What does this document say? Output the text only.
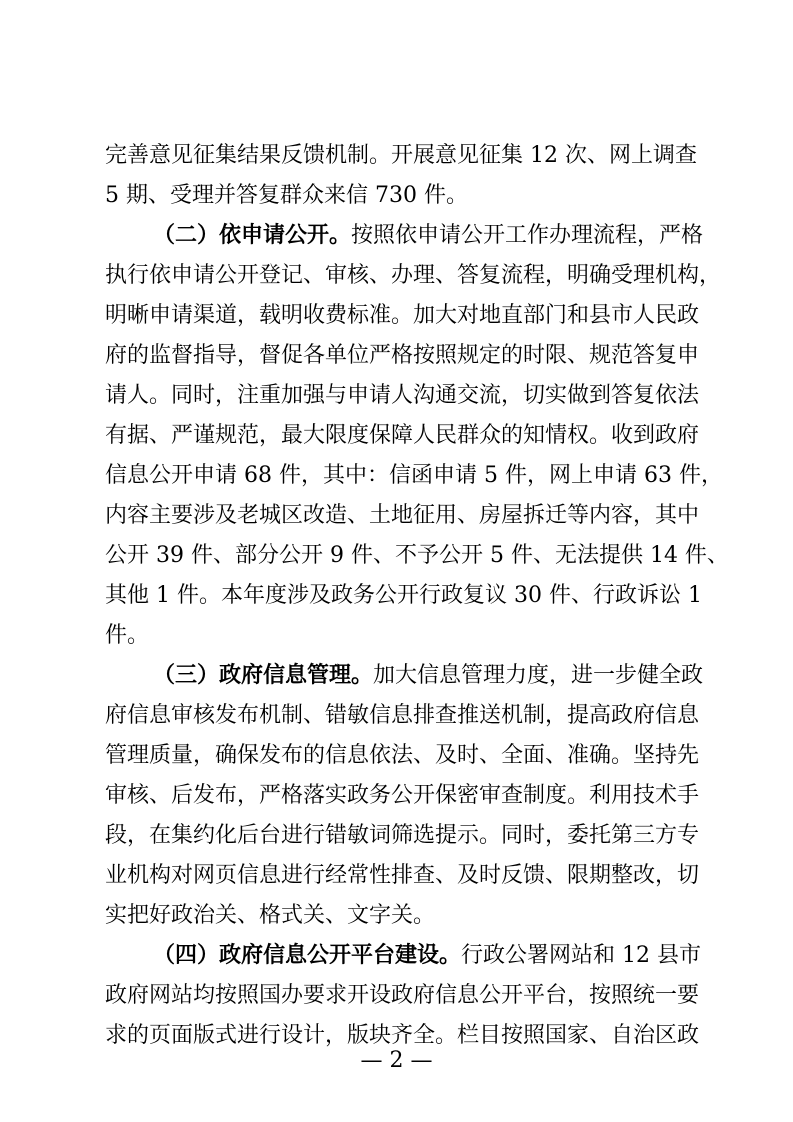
完善意见征集结果反馈机制。开展意见征集 12 次、网上调查
5 期、受理并答复群众来信 730 件。
（二）依申请公开。按照依申请公开工作办理流程，严格
执行依申请公开登记、审核、办理、答复流程，明确受理机构，
明晰申请渠道，载明收费标准。加大对地直部门和县市人民政
府的监督指导，督促各单位严格按照规定的时限、规范答复申
请人。同时，注重加强与申请人沟通交流，切实做到答复依法
有据、严谨规范，最大限度保障人民群众的知情权。收到政府
信息公开申请 68 件，其中：信函申请 5 件，网上申请 63 件，
内容主要涉及老城区改造、土地征用、房屋拆迁等内容，其中
公开 39 件、部分公开 9 件、不予公开 5 件、无法提供 14 件、
其他 1 件。本年度涉及政务公开行政复议 30 件、行政诉讼 1
件。
（三）政府信息管理。加大信息管理力度，进一步健全政
府信息审核发布机制、错敏信息排查推送机制，提高政府信息
管理质量，确保发布的信息依法、及时、全面、准确。坚持先
审核、后发布，严格落实政务公开保密审查制度。利用技术手
段，在集约化后台进行错敏词筛选提示。同时，委托第三方专
业机构对网页信息进行经常性排查、及时反馈、限期整改，切
实把好政治关、格式关、文字关。
（四）政府信息公开平台建设。行政公署网站和 12 县市
政府网站均按照国办要求开设政府信息公开平台，按照统一要
求的页面版式进行设计，版块齐全。栏目按照国家、自治区政
— 2 —
